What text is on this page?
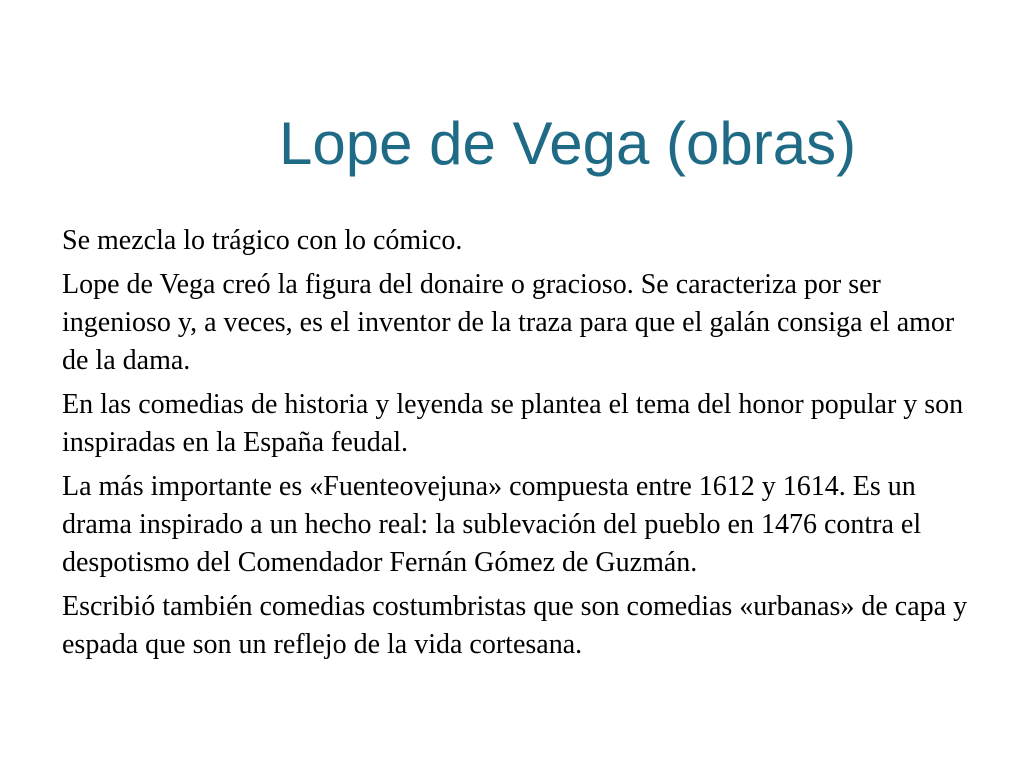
Lope de Vega (obras)
Se mezcla lo trágico con lo cómico.
Lope de Vega creó la figura del donaire o gracioso. Se caracteriza por ser ingenioso y, a veces, es el inventor de la traza para que el galán consiga el amor de la dama.
En las comedias de historia y leyenda se plantea el tema del honor popular y son inspiradas en la España feudal.
La más importante es «Fuenteovejuna» compuesta entre 1612 y 1614. Es un drama inspirado a un hecho real: la sublevación del pueblo en 1476 contra el despotismo del Comendador Fernán Gómez de Guzmán.
Escribió también comedias costumbristas que son comedias «urbanas» de capa y espada que son un reflejo de la vida cortesana.
